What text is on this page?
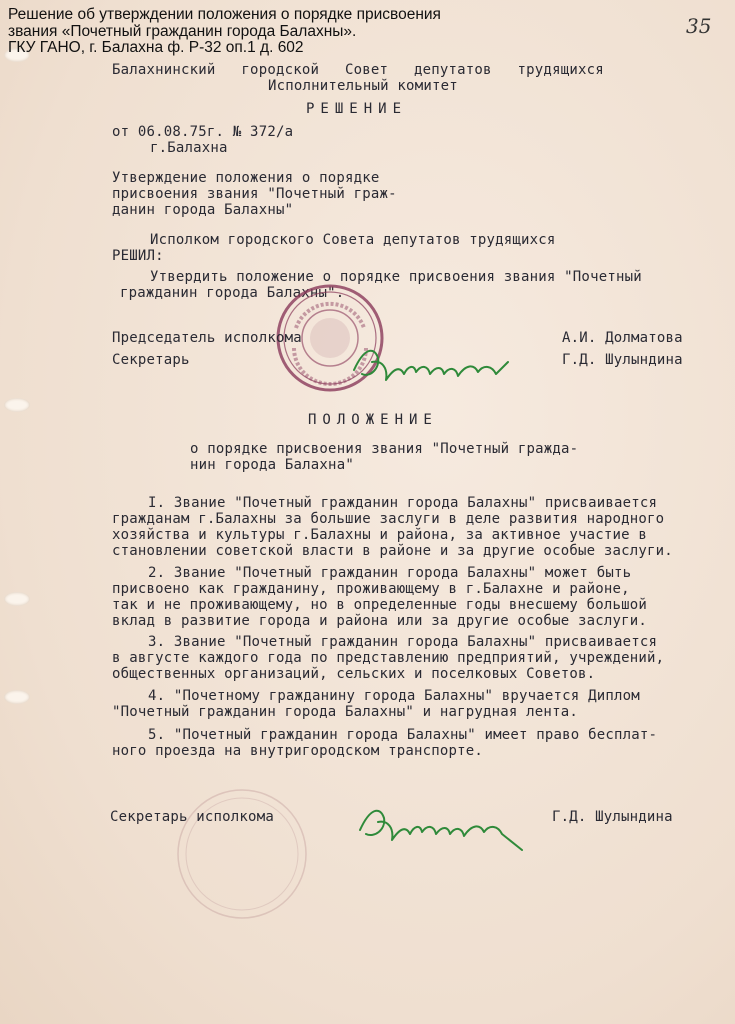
Решение об утверждении положения о порядке присвоения
звания «Почетный гражданин города Балахны».
ГКУ ГАНО, г. Балахна ф. Р-32 оп.1 д. 602
35
Балахнинский   городской   Совет   депутатов   трудящихся
Исполнительный комитет
РЕШЕНИЕ
от 06.08.75г. № 372/а
г.Балахна
Утверждение положения о порядке
присвоения звания "Почетный граж-
данин города Балахны"
Исполком городского Совета депутатов трудящихся
РЕШИЛ:
Утвердить положение о порядке присвоения звания "Почетный
гражданин города Балахны".
Председатель исполкома	А.И. Долматова
Секретарь	Г.Д. Шулындина
ПОЛОЖЕНИЕ
о порядке присвоения звания "Почетный гражда-
нин города Балахна"
I. Звание "Почетный гражданин города Балахны" присваивается
гражданам г.Балахны за большие заслуги в деле развития народного
хозяйства и культуры г.Балахны и района, за активное участие в
становлении советской власти в районе и за другие особые заслуги.
2. Звание "Почетный гражданин города Балахны" может быть
присвоено как гражданину, проживающему в г.Балахне и районе,
так и не проживающему, но в определенные годы внесшему большой
вклад в развитие города и района или за другие особые заслуги.
3. Звание "Почетный гражданин города Балахны" присваивается
в августе каждого года по представлению предприятий, учреждений,
общественных организаций, сельских и поселковых Советов.
4. "Почетному гражданину города Балахны" вручается Диплом
"Почетный гражданин города Балахны" и нагрудная лента.
5. "Почетный гражданин города Балахны" имеет право бесплат-
ного проезда на внутригородском транспорте.
Секретарь исполкома	Г.Д. Шулындина
